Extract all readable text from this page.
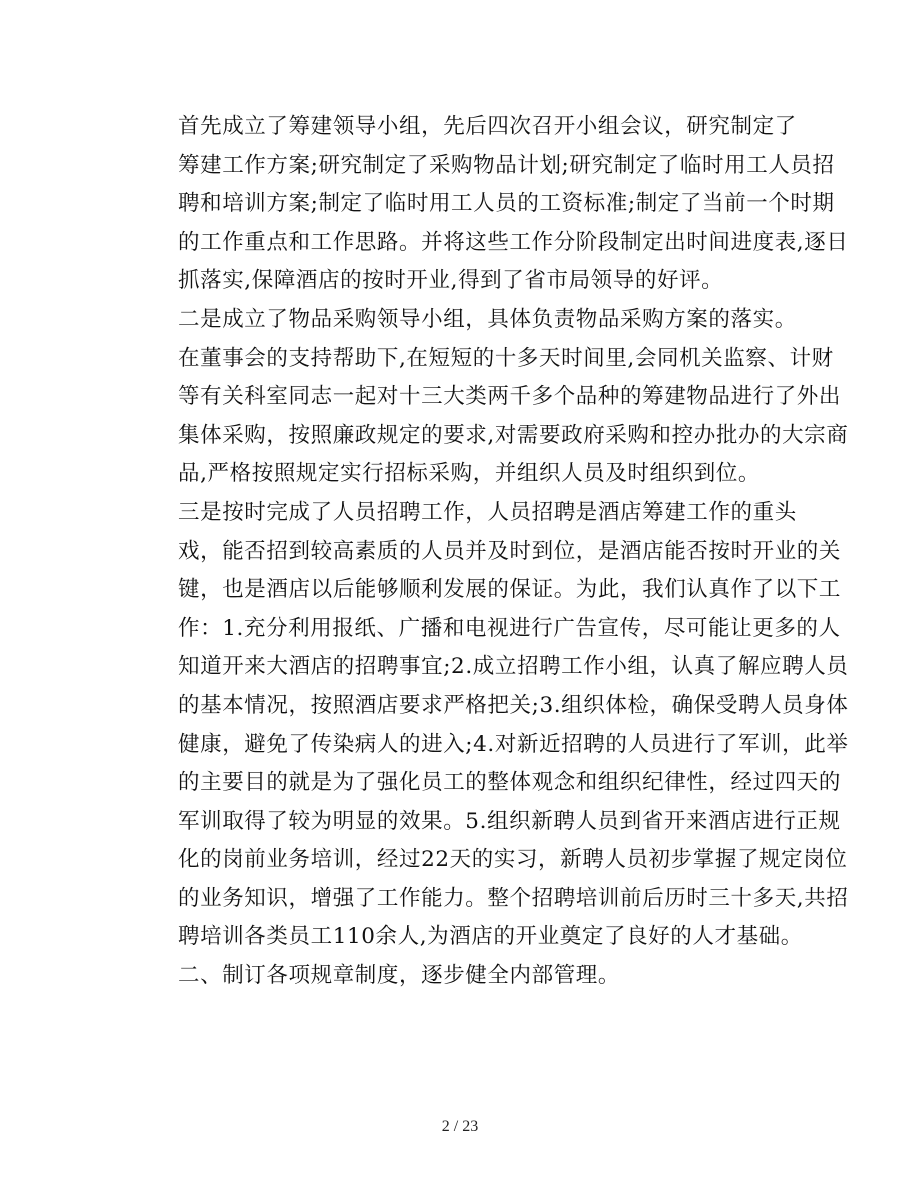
首先成立了筹建领导小组，先后四次召开小组会议，研究制定了
筹建工作方案;研究制定了采购物品计划;研究制定了临时用工人员招
聘和培训方案;制定了临时用工人员的工资标准;制定了当前一个时期
的工作重点和工作思路。并将这些工作分阶段制定出时间进度表,逐日
抓落实,保障酒店的按时开业,得到了省市局领导的好评。

二是成立了物品采购领导小组，具体负责物品采购方案的落实。
在董事会的支持帮助下,在短短的十多天时间里,会同机关监察、计财
等有关科室同志一起对十三大类两千多个品种的筹建物品进行了外出
集体采购，按照廉政规定的要求,对需要政府采购和控办批办的大宗商
品,严格按照规定实行招标采购，并组织人员及时组织到位。

三是按时完成了人员招聘工作，人员招聘是酒店筹建工作的重头
戏，能否招到较高素质的人员并及时到位，是酒店能否按时开业的关
键，也是酒店以后能够顺利发展的保证。为此，我们认真作了以下工
作：1.充分利用报纸、广播和电视进行广告宣传，尽可能让更多的人
知道开来大酒店的招聘事宜;2.成立招聘工作小组，认真了解应聘人员
的基本情况，按照酒店要求严格把关;3.组织体检，确保受聘人员身体
健康，避免了传染病人的进入;4.对新近招聘的人员进行了军训，此举
的主要目的就是为了强化员工的整体观念和组织纪律性，经过四天的
军训取得了较为明显的效果。5.组织新聘人员到省开来酒店进行正规
化的岗前业务培训，经过22天的实习，新聘人员初步掌握了规定岗位
的业务知识，增强了工作能力。整个招聘培训前后历时三十多天,共招
聘培训各类员工110余人,为酒店的开业奠定了良好的人才基础。

二、制订各项规章制度，逐步健全内部管理。

2 / 23
